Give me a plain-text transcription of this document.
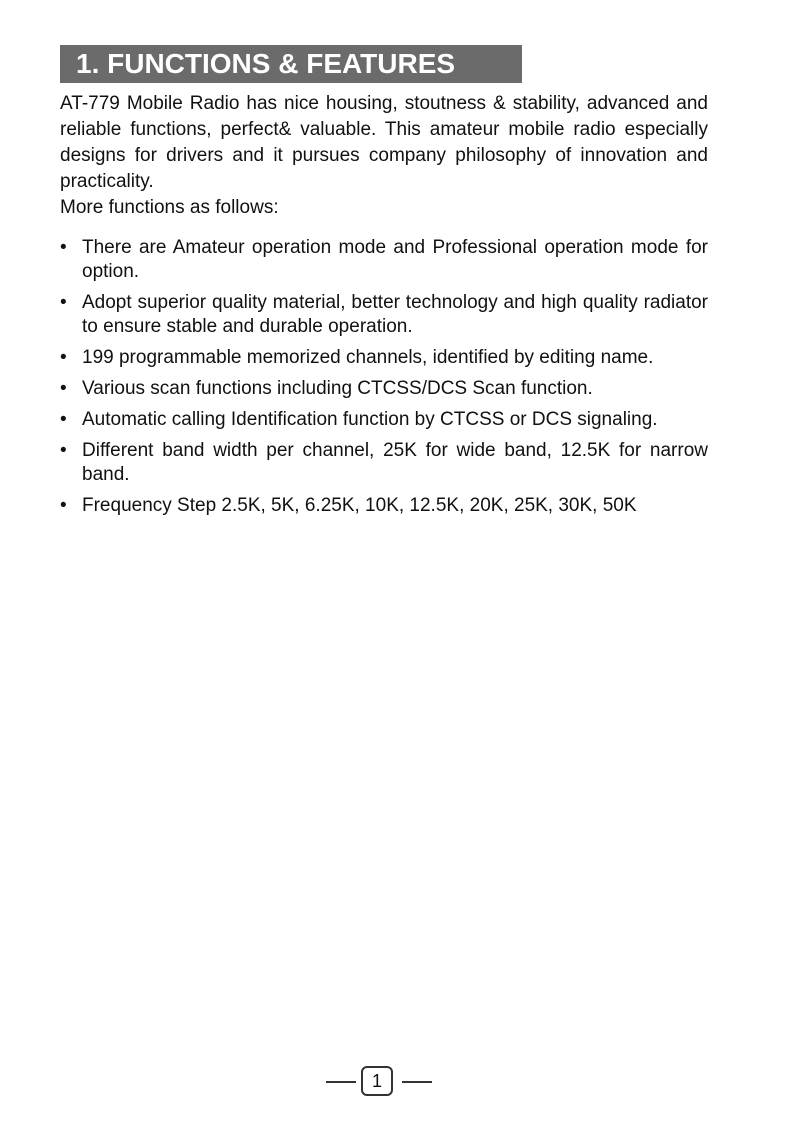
1. FUNCTIONS & FEATURES

AT-779 Mobile Radio has nice housing, stoutness & stability, advanced and reliable functions, perfect& valuable. This amateur mobile radio especially designs for drivers and it pursues company philosophy of innovation and practicality.

More functions as follows:

• There are Amateur operation mode and Professional operation mode for option.
• Adopt superior quality material, better technology and high quality radiator to ensure stable and durable operation.
• 199 programmable memorized channels, identified by editing name.
• Various scan functions including CTCSS/DCS Scan function.
• Automatic calling Identification function by CTCSS or DCS signaling.
• Different band width per channel, 25K for wide band, 12.5K for narrow band.
• Frequency Step 2.5K, 5K, 6.25K, 10K, 12.5K, 20K, 25K, 30K, 50K
1
